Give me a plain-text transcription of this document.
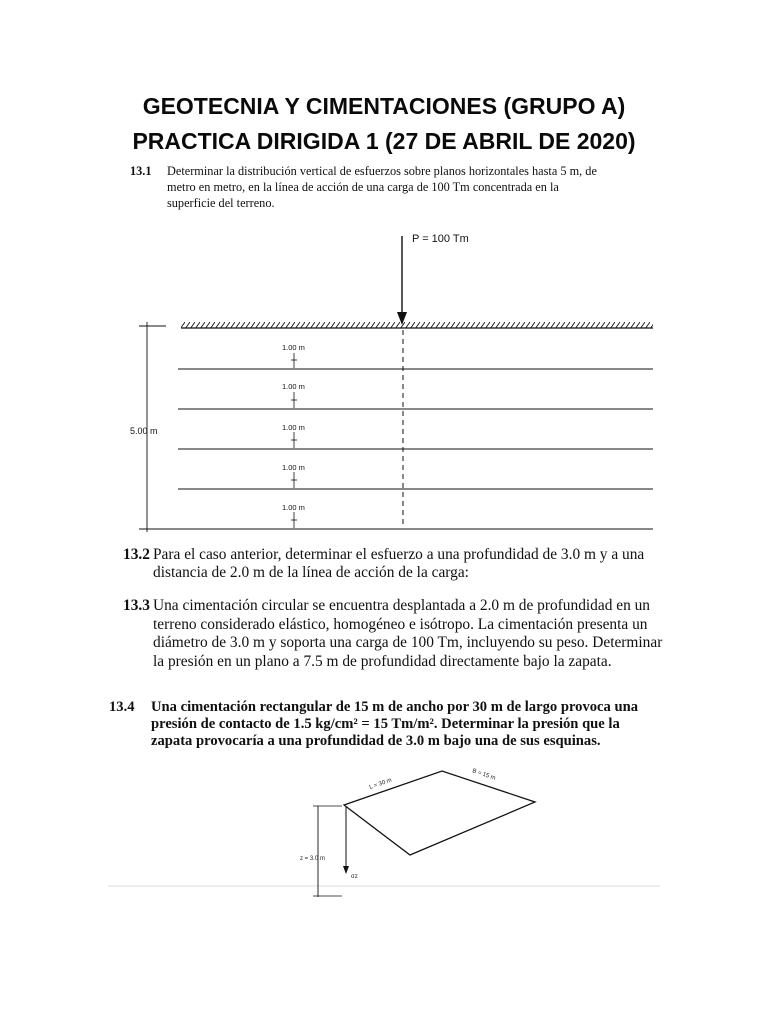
GEOTECNIA Y CIMENTACIONES (GRUPO A)
PRACTICA DIRIGIDA 1 (27 DE ABRIL DE 2020)
13.1	Determinar la distribución vertical de esfuerzos sobre planos horizontales hasta 5 m, de metro en metro, en la línea de acción de una carga de 100 Tm concentrada en la superficie del terreno.

P = 100 Tm
5.00 m
1.00 m
1.00 m
1.00 m
1.00 m
1.00 m
13.2 Para el caso anterior, determinar el esfuerzo a una profundidad de 3.0 m y a una distancia de 2.0 m de la línea de acción de la carga:

13.3 Una cimentación circular se encuentra desplantada a 2.0 m de profundidad en un terreno considerado elástico, homogéneo e isótropo. La cimentación presenta un diámetro de 3.0 m y soporta una carga de 100 Tm, incluyendo su peso. Determinar la presión en un plano a 7.5 m de profundidad directamente bajo la zapata.

13.4	Una cimentación rectangular de 15 m de ancho por 30 m de largo provoca una presión de contacto de 1.5 kg/cm² = 15 Tm/m². Determinar la presión que la zapata provocaría a una profundidad de 3.0 m bajo una de sus esquinas.

L = 30 m
B = 15 m
σz
z = 3.0 m
